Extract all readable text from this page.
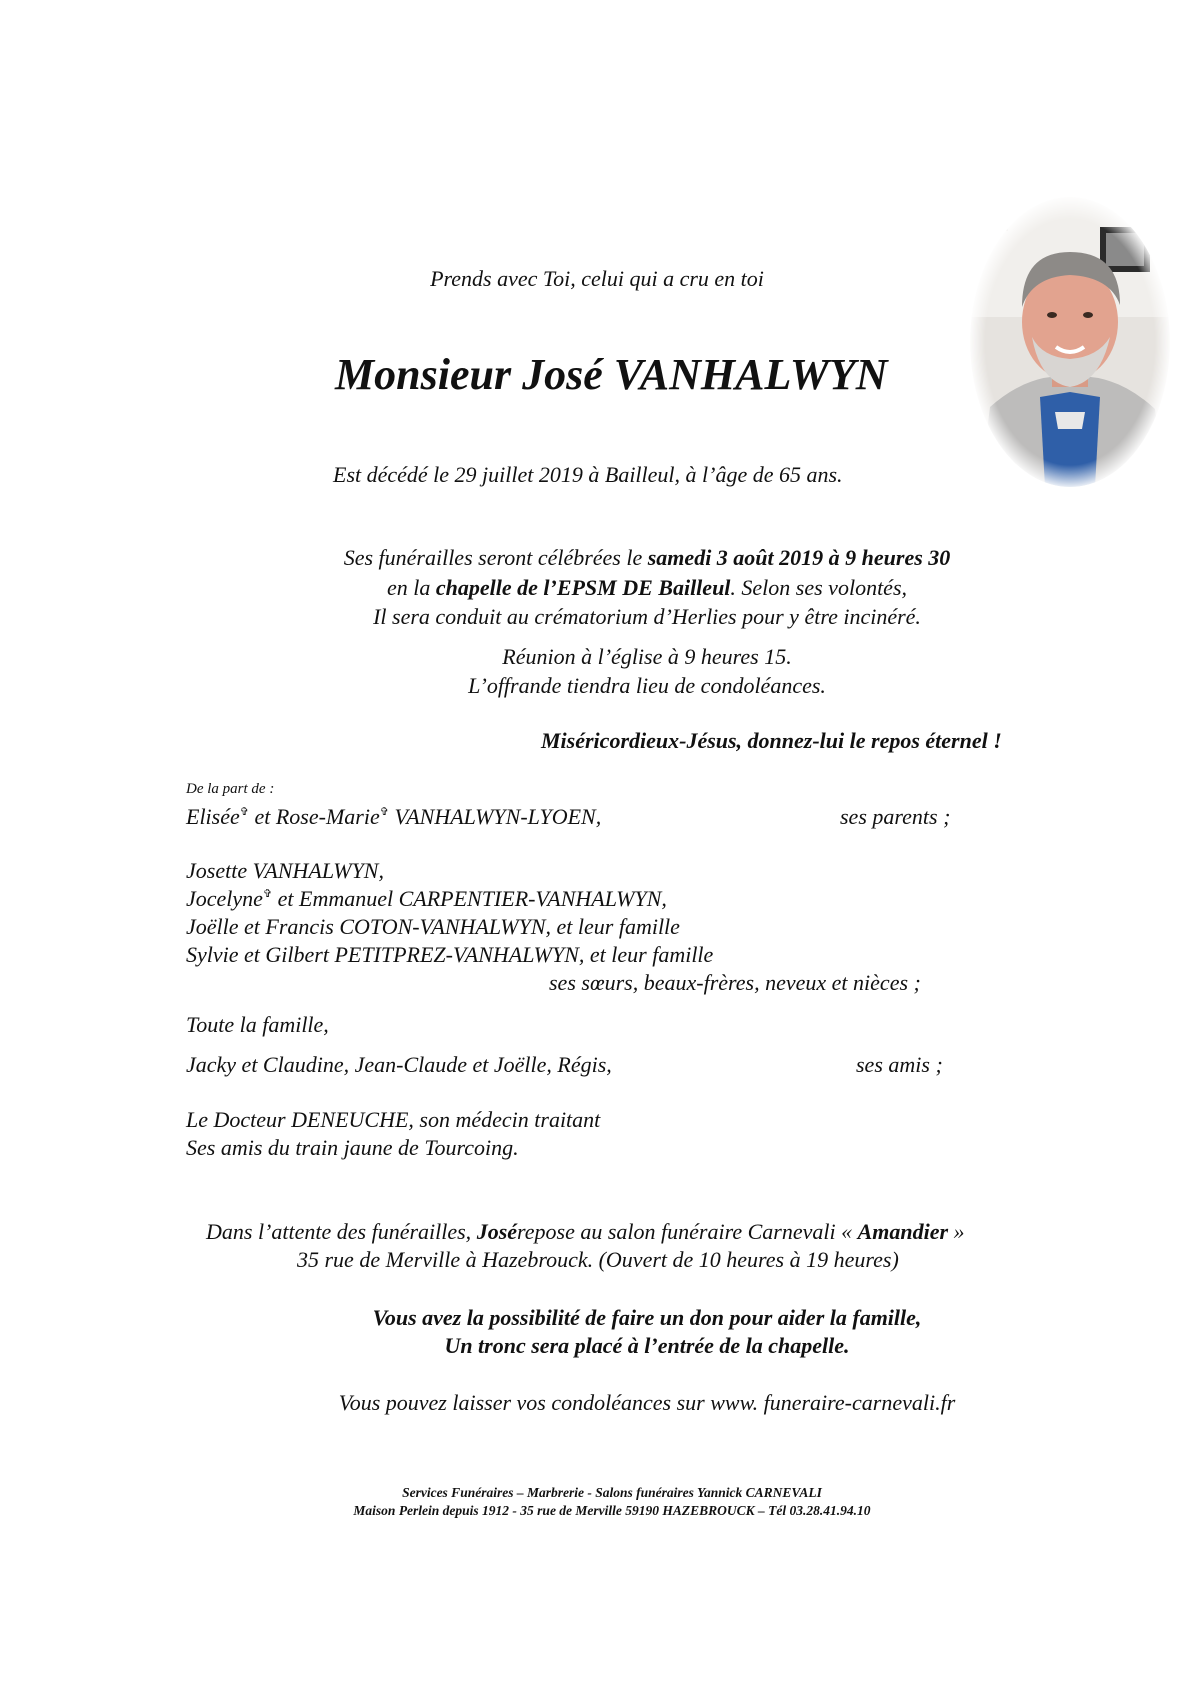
Prends avec Toi, celui qui a cru en toi
Monsieur José VANHALWYN
Est décédé le 29 juillet 2019 à Bailleul, à l’âge de 65 ans.
Ses funérailles seront célébrées le samedi 3 août 2019 à 9 heures 30
en la chapelle de l’EPSM DE Bailleul. Selon ses volontés,
Il sera conduit au crématorium d’Herlies pour y être incinéré.
Réunion à l’église à 9 heures 15.
L’offrande tiendra lieu de condoléances.
Miséricordieux-Jésus, donnez-lui le repos éternel !
De la part de :
Elisée✞ et Rose-Marie✞ VANHALWYN-LYOEN,	ses parents ;
Josette VANHALWYN,
Jocelyne✞ et Emmanuel CARPENTIER-VANHALWYN,
Joëlle et Francis COTON-VANHALWYN, et leur famille
Sylvie et Gilbert PETITPREZ-VANHALWYN, et leur famille
ses sœurs, beaux-frères, neveux et nièces ;
Toute la famille,
Jacky et Claudine, Jean-Claude et Joëlle, Régis,	ses amis ;
Le Docteur DENEUCHE, son médecin traitant
Ses amis du train jaune de Tourcoing.
Dans l’attente des funérailles, Josérepose au salon funéraire Carnevali « Amandier »
35 rue de Merville à Hazebrouck. (Ouvert de 10 heures à 19 heures)
Vous avez la possibilité de faire un don pour aider la famille,
Un tronc sera placé à l’entrée de la chapelle.
Vous pouvez laisser vos condoléances sur www. funeraire-carnevali.fr
Services Funéraires – Marbrerie - Salons funéraires Yannick CARNEVALI
Maison Perlein depuis 1912 - 35 rue de Merville 59190 HAZEBROUCK – Tél 03.28.41.94.10
